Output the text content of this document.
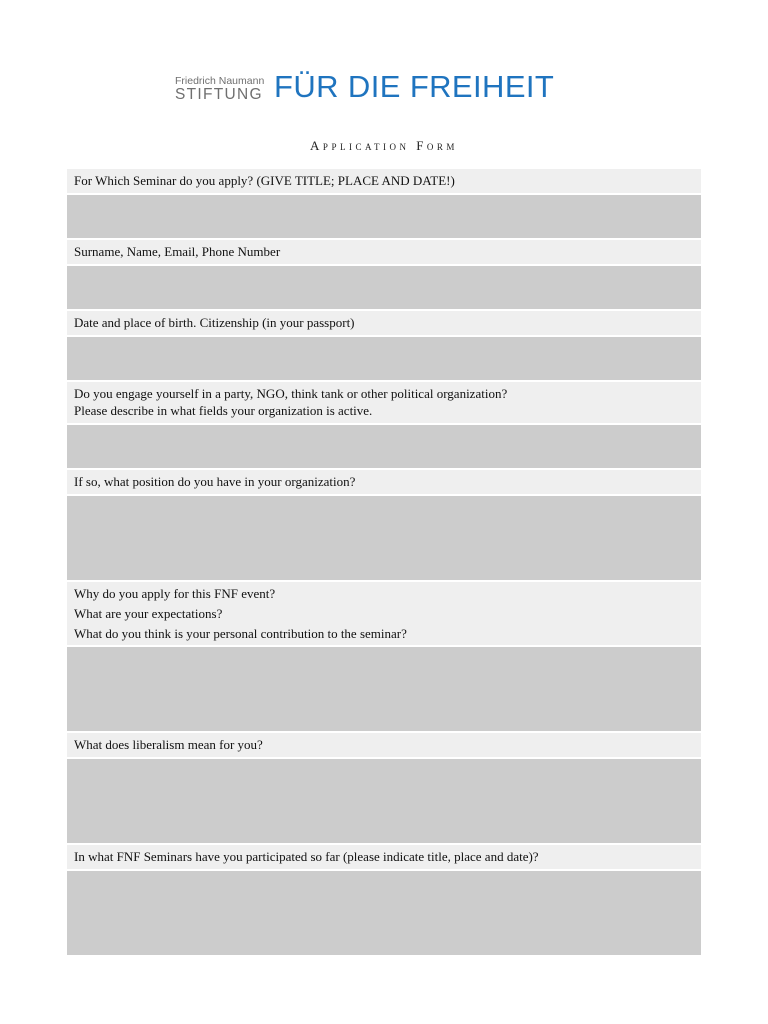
Friedrich Naumann
STIFTUNG FÜR DIE FREIHEIT
Application Form
For Which Seminar do you apply? (GIVE TITLE; PLACE AND DATE!)
Surname, Name, Email, Phone Number
Date and place of birth. Citizenship (in your passport)
Do you engage yourself in a party, NGO, think tank or other political organization?
Please describe in what fields your organization is active.
If so, what position do you have in your organization?
Why do you apply for this FNF event?
What are your expectations?
What do you think is your personal contribution to the seminar?
What does liberalism mean for you?
In what FNF Seminars have you participated so far (please indicate title, place and date)?
